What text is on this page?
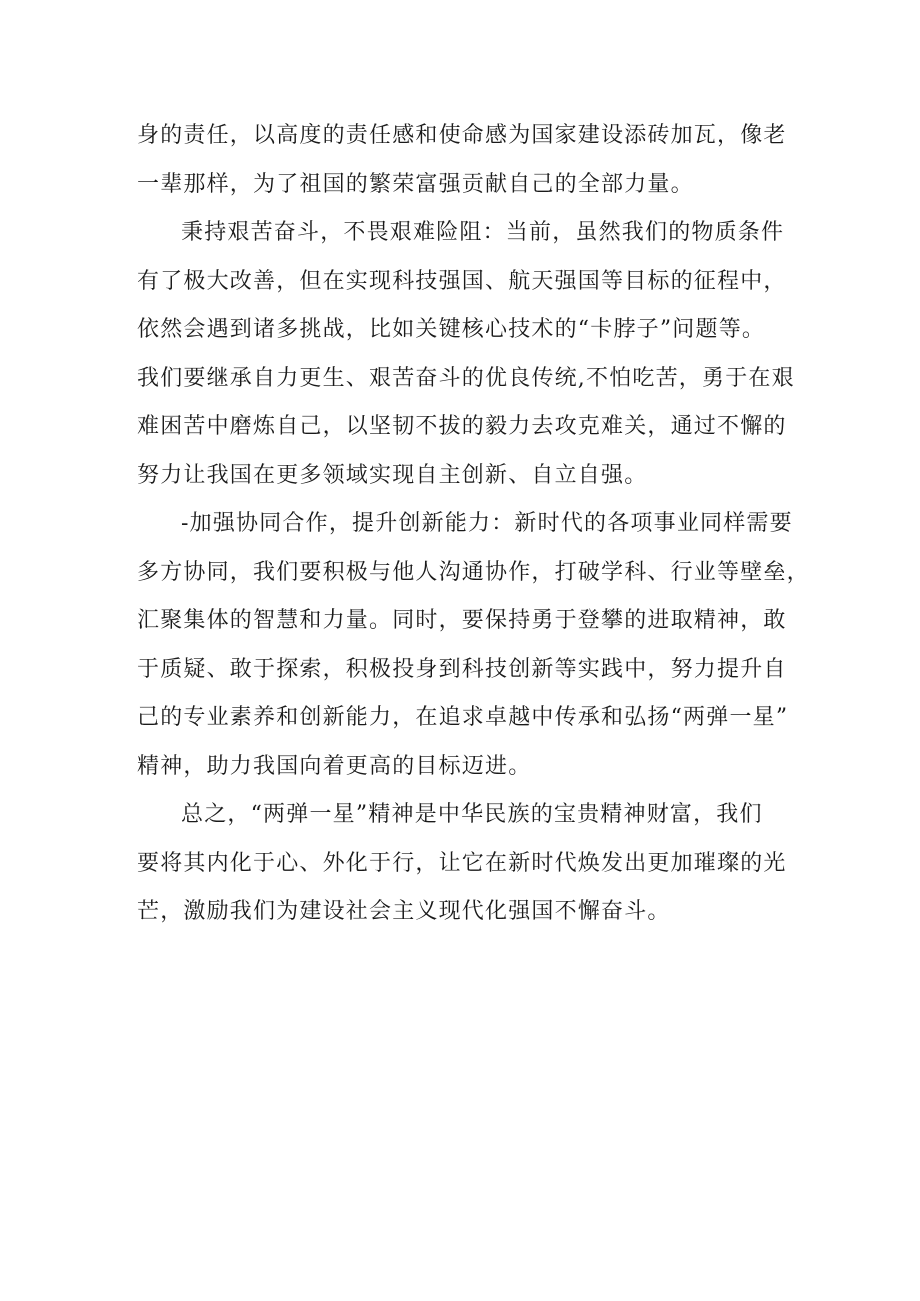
身的责任，以高度的责任感和使命感为国家建设添砖加瓦，像老
一辈那样，为了祖国的繁荣富强贡献自己的全部力量。
秉持艰苦奋斗，不畏艰难险阻：当前，虽然我们的物质条件
有了极大改善，但在实现科技强国、航天强国等目标的征程中，
依然会遇到诸多挑战，比如关键核心技术的“卡脖子”问题等。
我们要继承自力更生、艰苦奋斗的优良传统,不怕吃苦，勇于在艰
难困苦中磨炼自己，以坚韧不拔的毅力去攻克难关，通过不懈的
努力让我国在更多领域实现自主创新、自立自强。
-加强协同合作，提升创新能力：新时代的各项事业同样需要
多方协同，我们要积极与他人沟通协作，打破学科、行业等壁垒，
汇聚集体的智慧和力量。同时，要保持勇于登攀的进取精神，敢
于质疑、敢于探索，积极投身到科技创新等实践中，努力提升自
己的专业素养和创新能力，在追求卓越中传承和弘扬“两弹一星”
精神，助力我国向着更高的目标迈进。
总之，“两弹一星”精神是中华民族的宝贵精神财富，我们
要将其内化于心、外化于行，让它在新时代焕发出更加璀璨的光
芒，激励我们为建设社会主义现代化强国不懈奋斗。
